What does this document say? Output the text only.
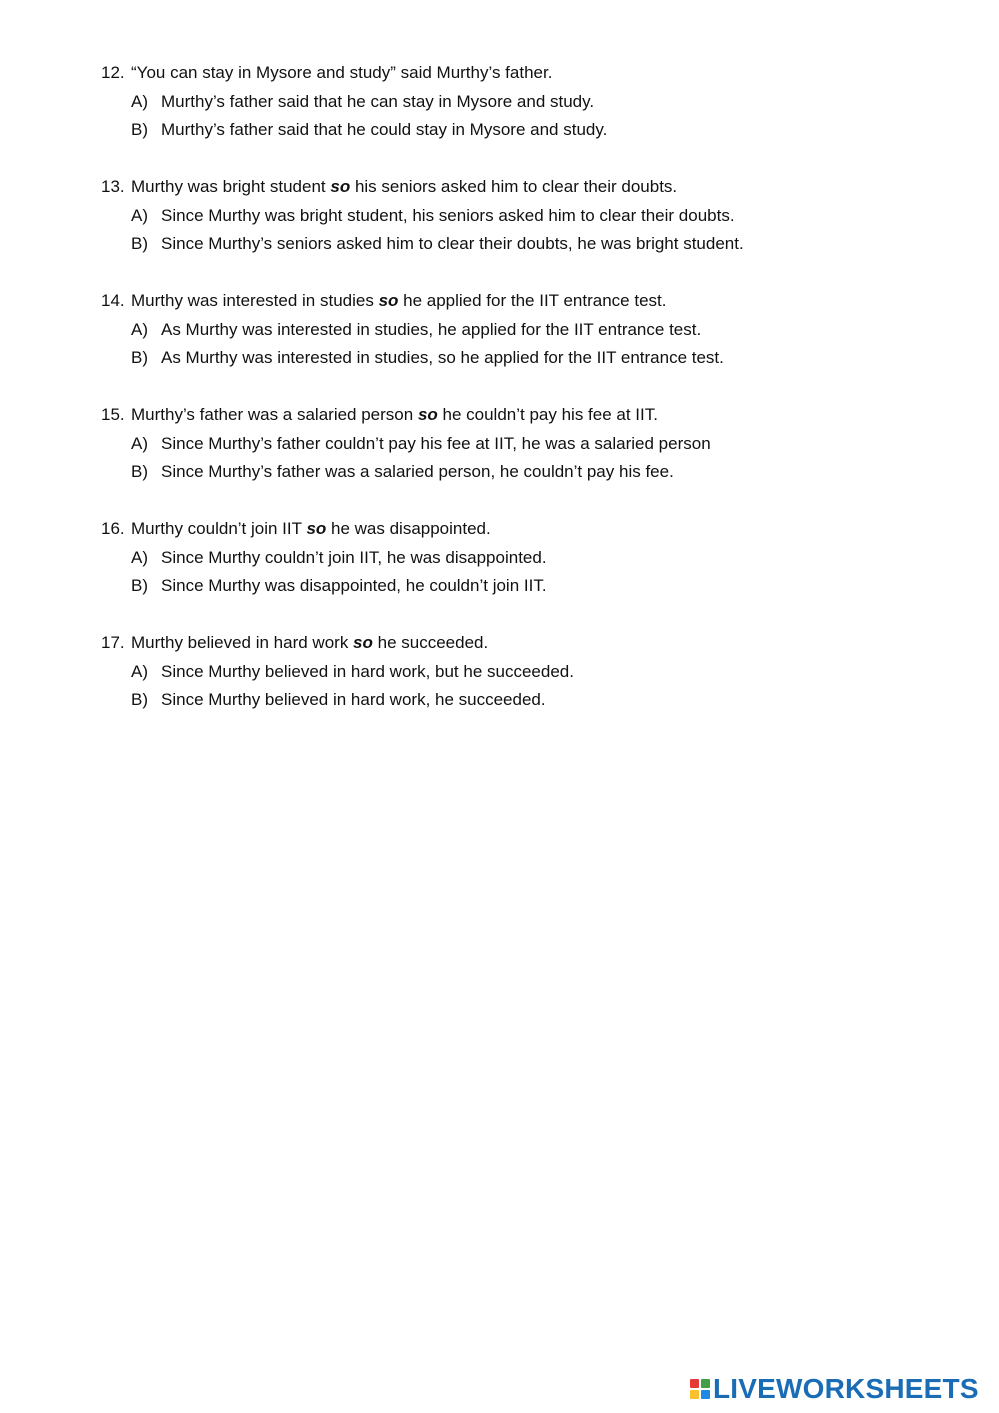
12. “You can stay in Mysore and study” said Murthy’s father.
A) Murthy’s father said that he can stay in Mysore and study.
B) Murthy’s father said that he could stay in Mysore and study.
13. Murthy was bright student so his seniors asked him to clear their doubts.
A) Since Murthy was bright student, his seniors asked him to clear their doubts.
B) Since Murthy’s seniors asked him to clear their doubts, he was bright student.
14. Murthy was interested in studies so he applied for the IIT entrance test.
A) As Murthy was interested in studies, he applied for the IIT entrance test.
B) As Murthy was interested in studies, so he applied for the IIT entrance test.
15. Murthy’s father was a salaried person so he couldn’t pay his fee at IIT.
A) Since Murthy’s father couldn’t pay his fee at IIT, he was a salaried person
B) Since Murthy’s father was a salaried person, he couldn’t pay his fee.
16. Murthy couldn’t join IIT so he was disappointed.
A) Since Murthy couldn’t join IIT, he was disappointed.
B) Since Murthy was disappointed, he couldn’t join IIT.
17. Murthy believed in hard work so he succeeded.
A) Since Murthy believed in hard work, but he succeeded.
B) Since Murthy believed in hard work, he succeeded.
LIVEWORKSHEETS
